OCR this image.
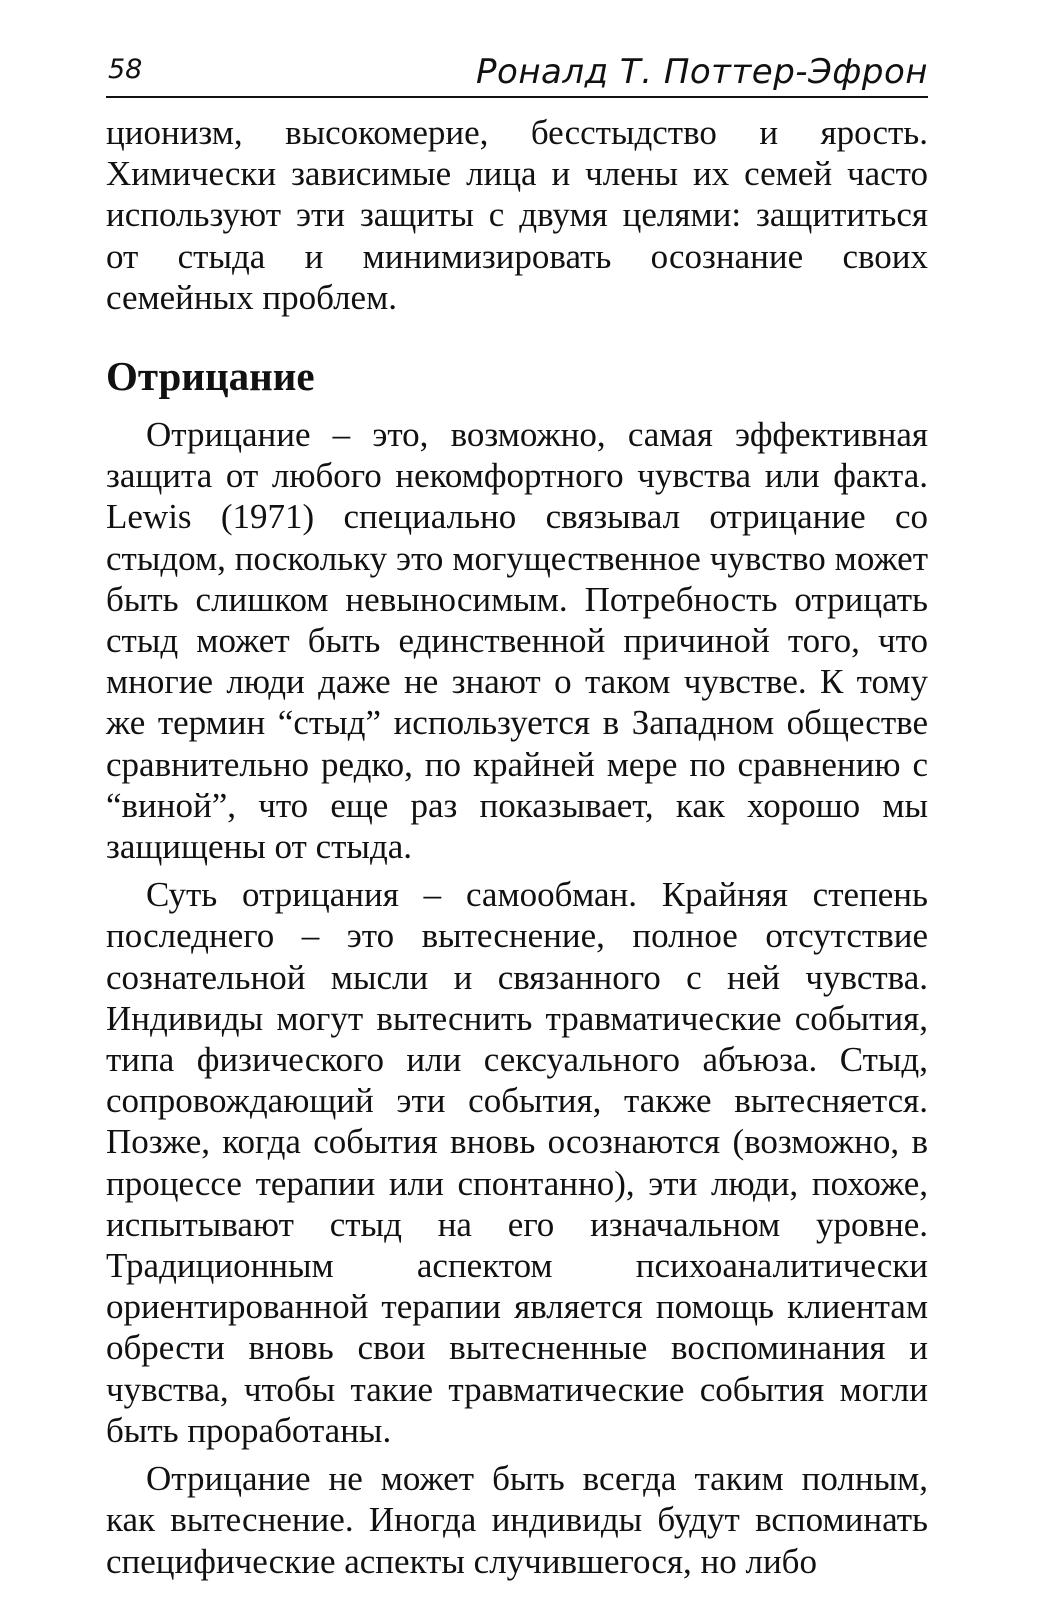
58	Роналд Т. Поттер-Эфрон

ционизм, высокомерие, бесстыдство и ярость. Химически зависимые лица и члены их семей часто используют эти защиты с двумя целями: защититься от стыда и минимизировать осознание своих семейных проблем.

Отрицание

Отрицание – это, возможно, самая эффективная защита от любого некомфортного чувства или факта. Lewis (1971) специально связывал отрицание со стыдом, поскольку это могущественное чувство может быть слишком невыносимым. Потребность отрицать стыд может быть единственной причиной того, что многие люди даже не знают о таком чувстве. К тому же термин “стыд” используется в Западном обществе сравнительно редко, по крайней мере по сравнению с “виной”, что еще раз показывает, как хорошо мы защищены от стыда.

Суть отрицания – самообман. Крайняя степень последнего – это вытеснение, полное отсутствие сознательной мысли и связанного с ней чувства. Индивиды могут вытеснить травматические события, типа физического или сексуального абъюза. Стыд, сопровождающий эти события, также вытесняется. Позже, когда события вновь осознаются (возможно, в процессе терапии или спонтанно), эти люди, похоже, испытывают стыд на его изначальном уровне. Традиционным аспектом психоаналитически ориентированной терапии является помощь клиентам обрести вновь свои вытесненные воспоминания и чувства, чтобы такие травматические события могли быть проработаны.

Отрицание не может быть всегда таким полным, как вытеснение. Иногда индивиды будут вспоминать специфические аспекты случившегося, но либо
